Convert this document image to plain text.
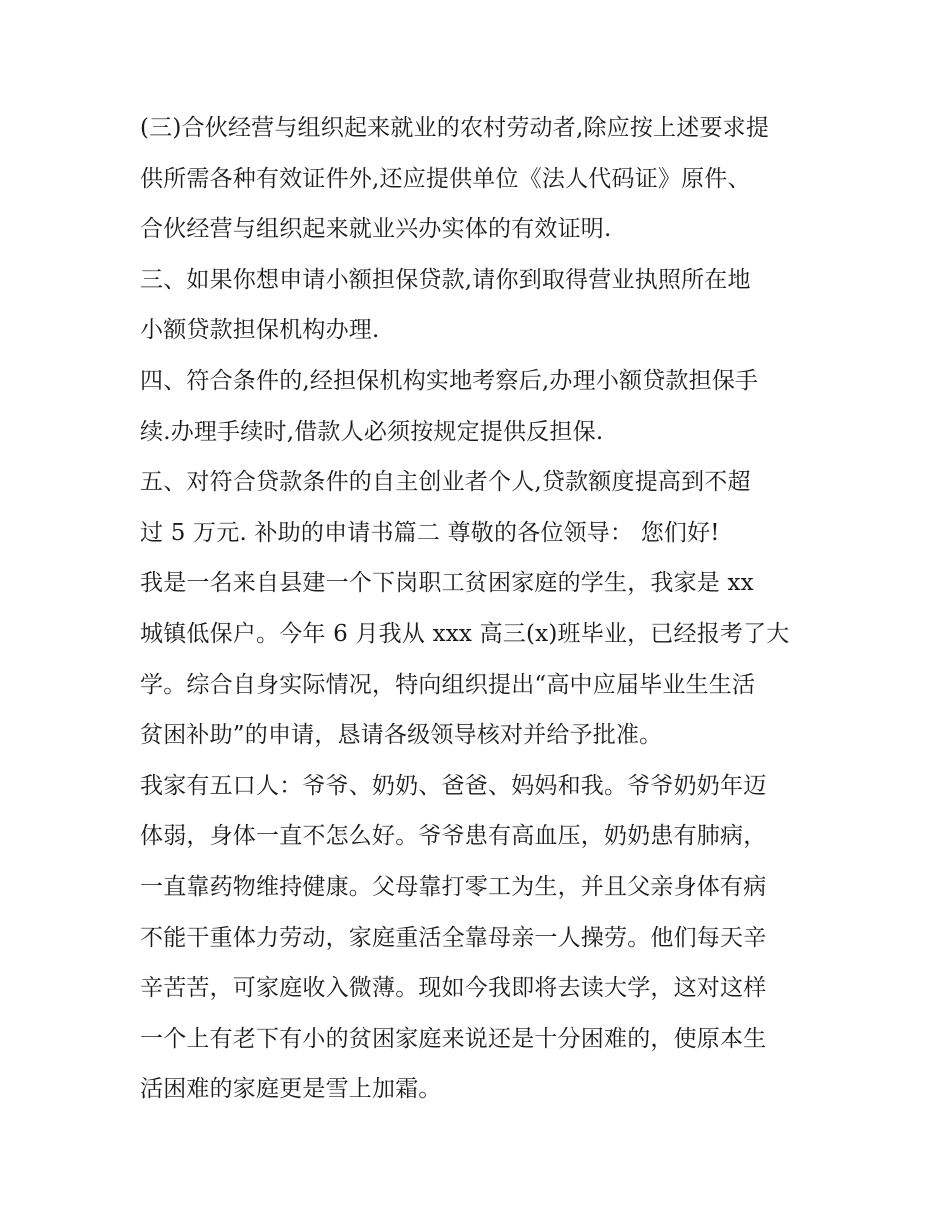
(三)合伙经营与组织起来就业的农村劳动者,除应按上述要求提
供所需各种有效证件外,还应提供单位《法人代码证》原件、
合伙经营与组织起来就业兴办实体的有效证明.
三、如果你想申请小额担保贷款,请你到取得营业执照所在地
小额贷款担保机构办理.
四、符合条件的,经担保机构实地考察后,办理小额贷款担保手
续.办理手续时,借款人必须按规定提供反担保.
五、对符合贷款条件的自主创业者个人,贷款额度提高到不超
过 5 万元. 补助的申请书篇二 尊敬的各位领导： 您们好!
我是一名来自县建一个下岗职工贫困家庭的学生，我家是 xx
城镇低保户。今年 6 月我从 xxx 高三(x)班毕业，已经报考了大
学。综合自身实际情况，特向组织提出“高中应届毕业生生活
贫困补助”的申请，恳请各级领导核对并给予批准。
我家有五口人：爷爷、奶奶、爸爸、妈妈和我。爷爷奶奶年迈
体弱，身体一直不怎么好。爷爷患有高血压，奶奶患有肺病，
一直靠药物维持健康。父母靠打零工为生，并且父亲身体有病
不能干重体力劳动，家庭重活全靠母亲一人操劳。他们每天辛
辛苦苦，可家庭收入微薄。现如今我即将去读大学，这对这样
一个上有老下有小的贫困家庭来说还是十分困难的，使原本生
活困难的家庭更是雪上加霜。
